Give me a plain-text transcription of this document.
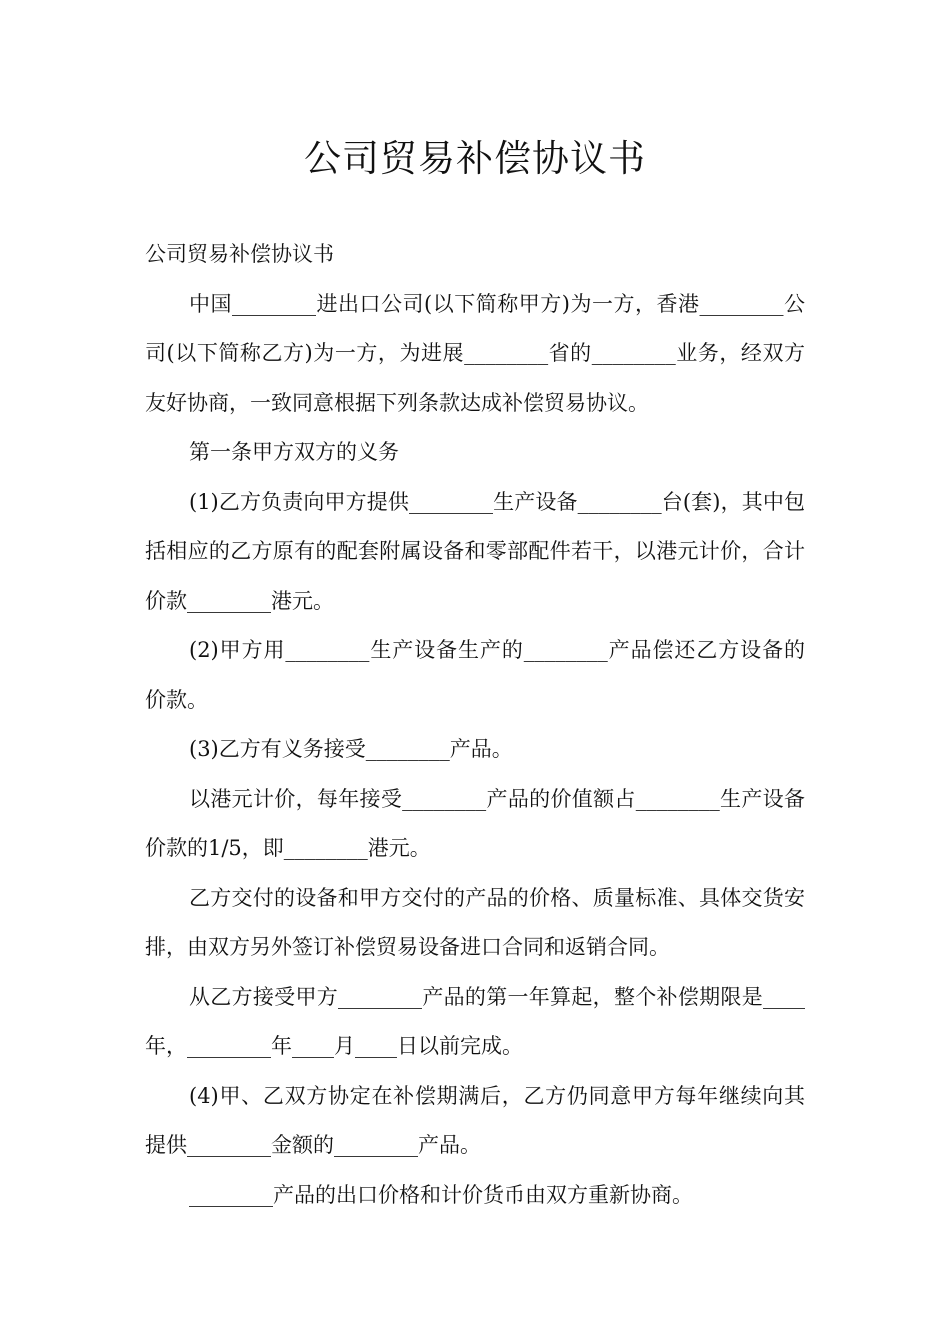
公司贸易补偿协议书

公司贸易补偿协议书

中国________进出口公司(以下简称甲方)为一方，香港________公司(以下简称乙方)为一方，为进展________省的________业务，经双方友好协商，一致同意根据下列条款达成补偿贸易协议。

第一条甲方双方的义务

(1)乙方负责向甲方提供________生产设备________台(套)，其中包括相应的乙方原有的配套附属设备和零部配件若干，以港元计价，合计价款________港元。

(2)甲方用________生产设备生产的________产品偿还乙方设备的价款。

(3)乙方有义务接受________产品。

以港元计价，每年接受________产品的价值额占________生产设备价款的1/5，即________港元。

乙方交付的设备和甲方交付的产品的价格、质量标准、具体交货安排，由双方另外签订补偿贸易设备进口合同和返销合同。

从乙方接受甲方________产品的第一年算起，整个补偿期限是____年，________年____月____日以前完成。

(4)甲、乙双方协定在补偿期满后，乙方仍同意甲方每年继续向其提供________金额的________产品。

________产品的出口价格和计价货币由双方重新协商。
